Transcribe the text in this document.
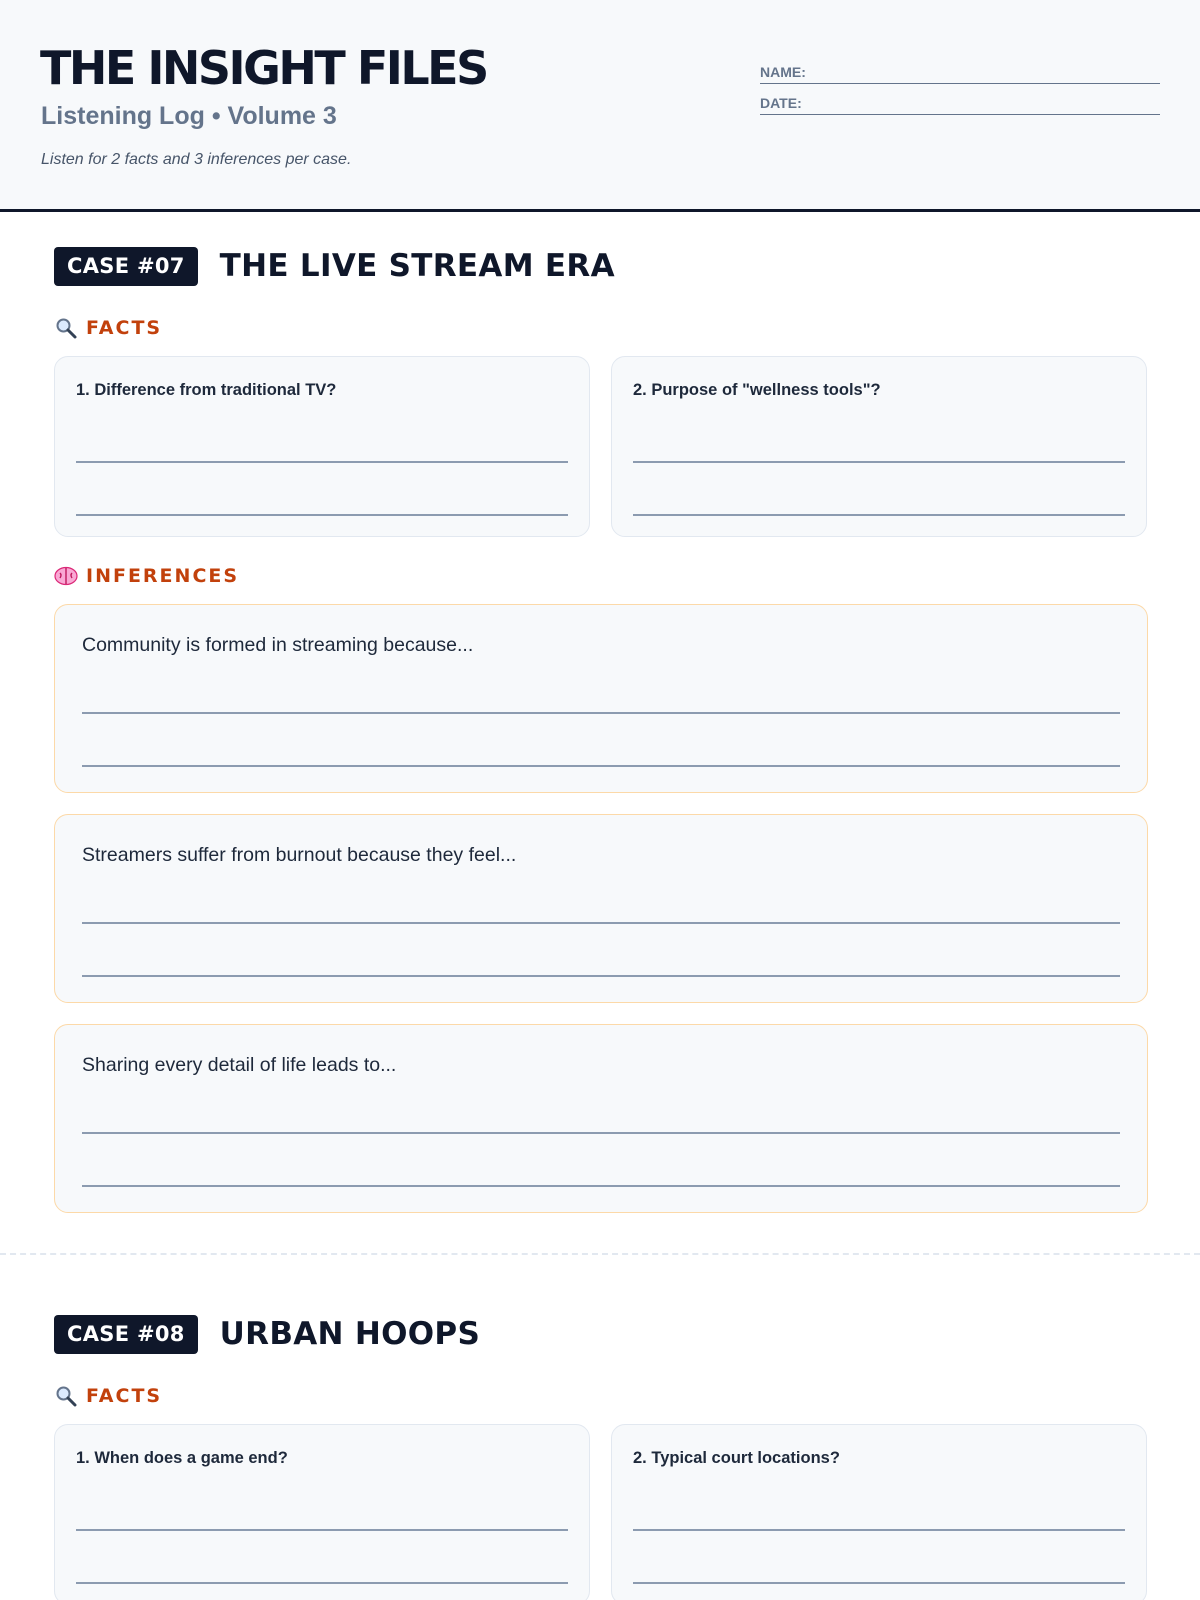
THE INSIGHT FILES
Listening Log • Volume 3
Listen for 2 facts and 3 inferences per case.
NAME:
DATE:
CASE #07	THE LIVE STREAM ERA
FACTS
1. Difference from traditional TV?	2. Purpose of "wellness tools"?
INFERENCES
Community is formed in streaming because...
Streamers suffer from burnout because they feel...
Sharing every detail of life leads to...
CASE #08	URBAN HOOPS
FACTS
1. When does a game end?	2. Typical court locations?
